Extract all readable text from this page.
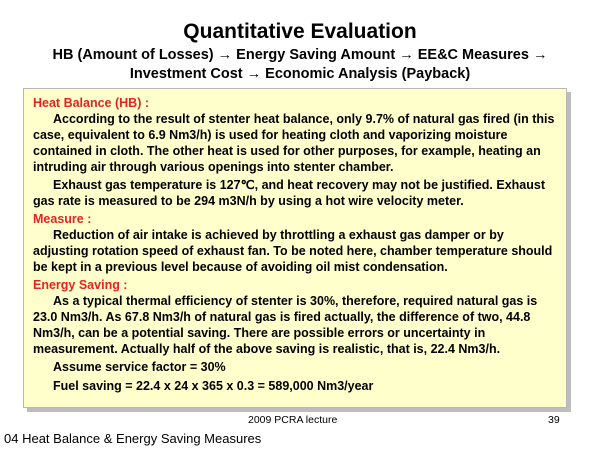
Quantitative Evaluation
HB (Amount of Losses) → Energy Saving Amount → EE&C Measures → Investment Cost → Economic Analysis (Payback)
Heat Balance (HB) :

According to the result of stenter heat balance, only 9.7% of natural gas fired (in this case, equivalent to 6.9 Nm3/h) is used for heating cloth and vaporizing moisture contained in cloth. The other heat is used for other purposes, for example, heating an intruding air through various openings into stenter chamber.

Exhaust gas temperature is 127℃, and heat recovery may not be justified. Exhaust gas rate is measured to be 294 m3N/h by using a hot wire velocity meter.

Measure :

Reduction of air intake is achieved by throttling a exhaust gas damper or by adjusting rotation speed of exhaust fan. To be noted here, chamber temperature should be kept in a previous level because of avoiding oil mist condensation.

Energy Saving :

As a typical thermal efficiency of stenter is 30%, therefore, required natural gas is 23.0 Nm3/h. As 67.8 Nm3/h of natural gas is fired actually, the difference of two, 44.8 Nm3/h, can be a potential saving. There are possible errors or uncertainty in measurement. Actually half of the above saving is realistic, that is, 22.4 Nm3/h.

Assume service factor = 30%

Fuel saving = 22.4 x 24 x 365 x 0.3 = 589,000 Nm3/year

2009 PCRA lecture	39
04 Heat Balance & Energy Saving Measures
